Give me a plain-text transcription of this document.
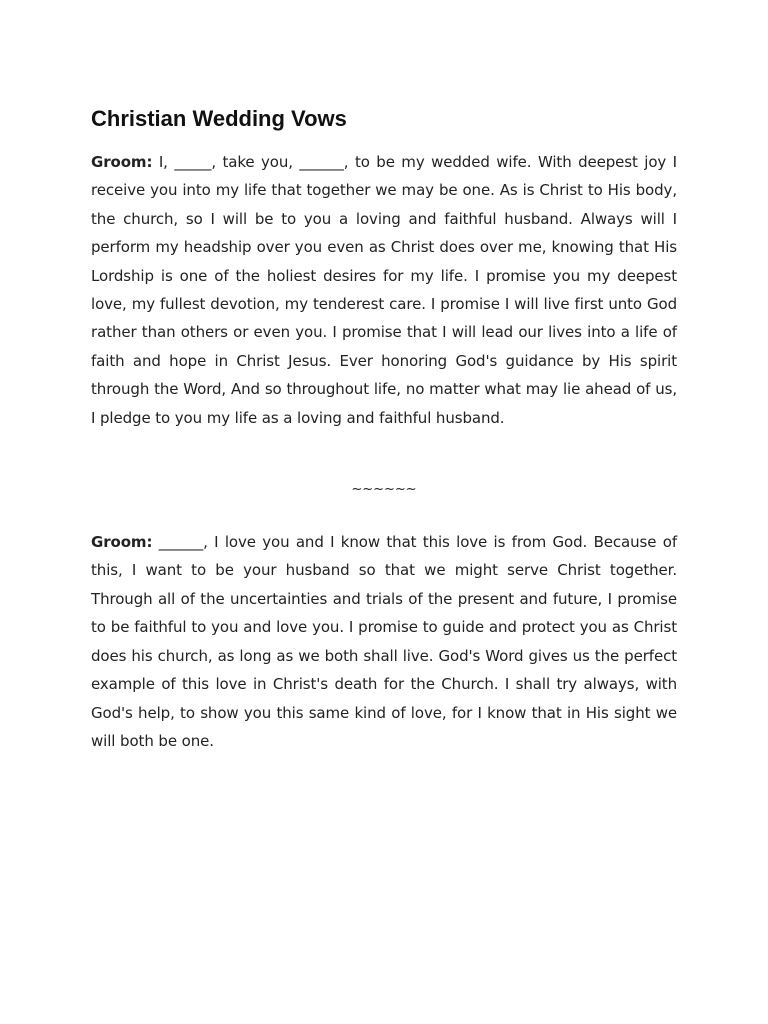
Christian Wedding Vows

Groom: I, _____, take you, ______, to be my wedded wife. With deepest joy I receive you into my life that together we may be one. As is Christ to His body, the church, so I will be to you a loving and faithful husband. Always will I perform my headship over you even as Christ does over me, knowing that His Lordship is one of the holiest desires for my life. I promise you my deepest love, my fullest devotion, my tenderest care. I promise I will live first unto God rather than others or even you. I promise that I will lead our lives into a life of faith and hope in Christ Jesus. Ever honoring God's guidance by His spirit through the Word, And so throughout life, no matter what may lie ahead of us, I pledge to you my life as a loving and faithful husband.

~~~~~~

Groom: ______, I love you and I know that this love is from God. Because of this, I want to be your husband so that we might serve Christ together. Through all of the uncertainties and trials of the present and future, I promise to be faithful to you and love you. I promise to guide and protect you as Christ does his church, as long as we both shall live. God's Word gives us the perfect example of this love in Christ's death for the Church. I shall try always, with God's help, to show you this same kind of love, for I know that in His sight we will both be one.
